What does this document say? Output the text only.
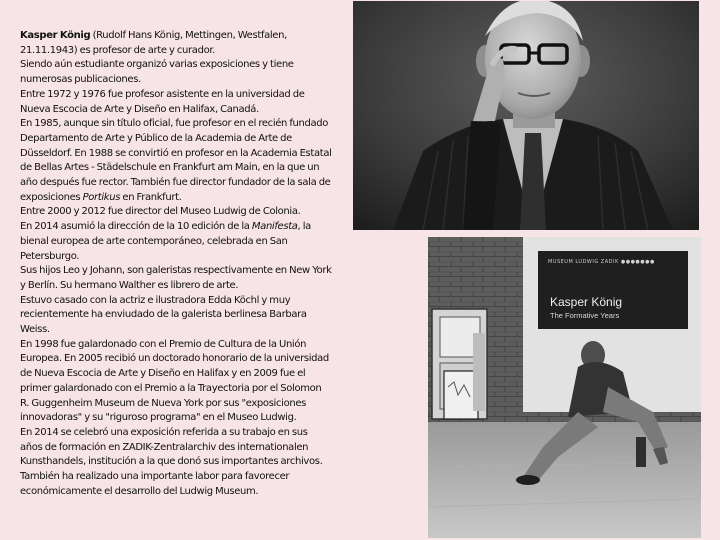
Kasper König (Rudolf Hans König, Mettingen, Westfalen, 21.11.1943) es profesor de arte y curador.

Siendo aún estudiante organizó varias exposiciones y tiene numerosas publicaciones.

Entre 1972 y 1976 fue profesor asistente en la universidad de Nueva Escocia de Arte y Diseño en Halifax, Canadá.

En 1985, aunque sin título oficial, fue profesor en el recién fundado Departamento de Arte y Público de la Academia de Arte de Düsseldorf. En 1988 se convirtió en profesor en la Academia Estatal de Bellas Artes - Städelschule en Frankfurt am Main, en la que un año después fue rector. También fue director fundador de la sala de exposiciones Portikus en Frankfurt.

Entre 2000 y 2012 fue director del Museo Ludwig de Colonia.

En 2014 asumió la dirección de la 10 edición de la Manifesta, la bienal europea de arte contemporáneo, celebrada en San Petersburgo.

Sus hijos Leo y Johann, son galeristas respectivamente en New York y Berlín. Su hermano Walther es librero de arte.

Estuvo casado con la actriz e ilustradora Edda Köchl y muy recientemente ha enviudado de la galerista berlinesa Barbara Weiss.

En 1998 fue galardonado con el Premio de Cultura de la Unión Europea. En 2005 recibió un doctorado honorario de la universidad de Nueva Escocia de Arte y Diseño en Halifax y en 2009 fue el primer galardonado con el Premio a la Trayectoria por el Solomon R. Guggenheim Museum de Nueva York por sus "exposiciones innovadoras" y su "riguroso programa" en el Museo Ludwig.

En 2014 se celebró una exposición referida a su trabajo en sus años de formación en ZADIK-Zentralarchiv des internationalen Kunsthandels, institución a la que donó sus importantes archivos. También ha realizado una importante labor para favorecer económicamente el desarrollo del Ludwig Museum.

MUSEUM LUDWIG ZADIK ●●●●●●●
Kasper König
The Formative Years
